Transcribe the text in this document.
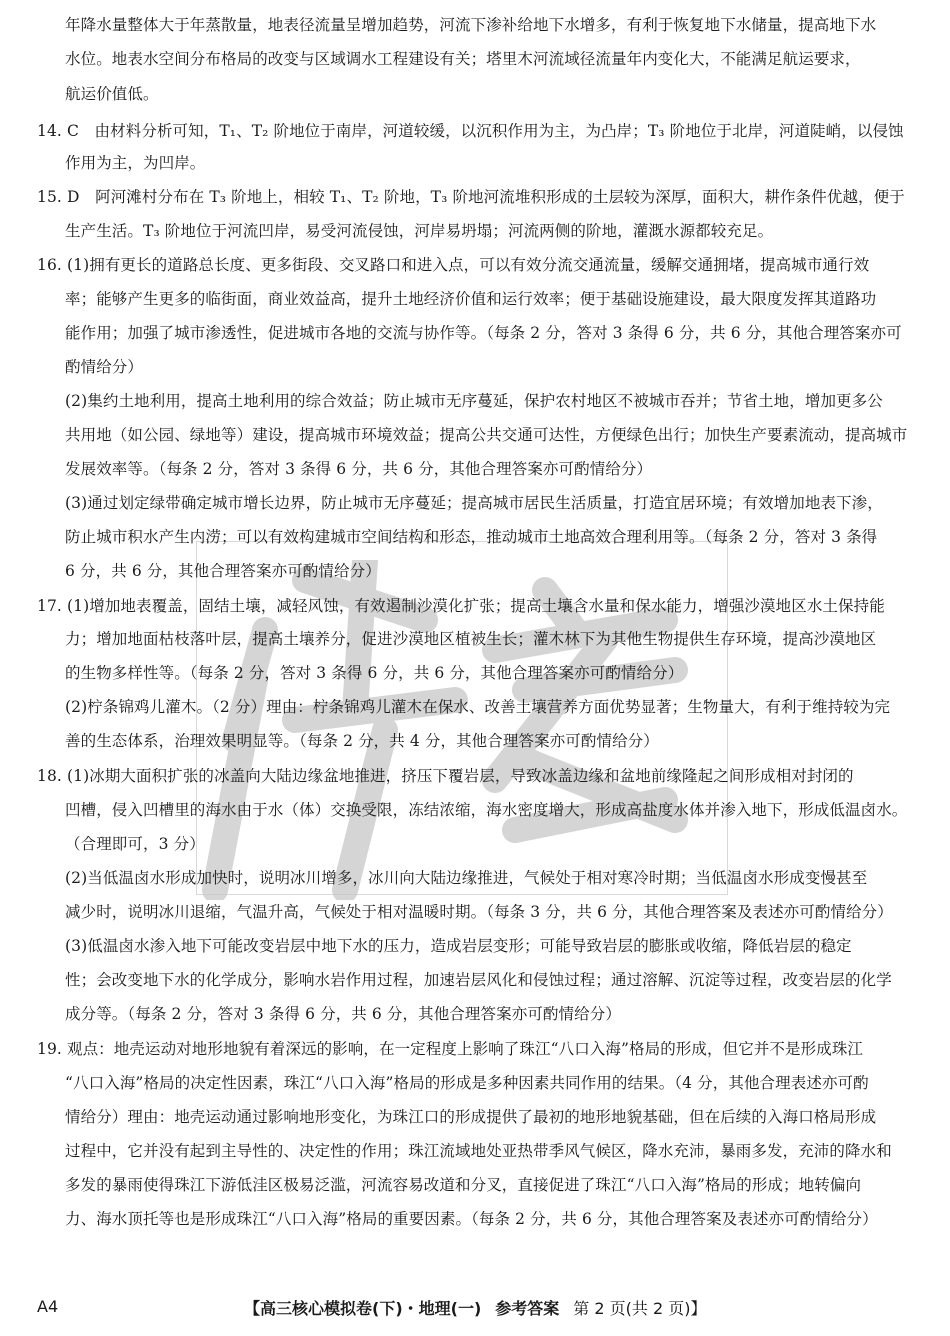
年降水量整体大于年蒸散量，地表径流量呈增加趋势，河流下渗补给地下水增多，有利于恢复地下水储量，提高地下水
水位。地表水空间分布格局的改变与区域调水工程建设有关；塔里木河流域径流量年内变化大，不能满足航运要求，
航运价值低。
14. C　由材料分析可知，T₁、T₂ 阶地位于南岸，河道较缓，以沉积作用为主，为凸岸；T₃ 阶地位于北岸，河道陡峭，以侵蚀
作用为主，为凹岸。
15. D　阿河滩村分布在 T₃ 阶地上，相较 T₁、T₂ 阶地，T₃ 阶地河流堆积形成的土层较为深厚，面积大，耕作条件优越，便于
生产生活。T₃ 阶地位于河流凹岸，易受河流侵蚀，河岸易坍塌；河流两侧的阶地，灌溉水源都较充足。
16. (1)拥有更长的道路总长度、更多街段、交叉路口和进入点，可以有效分流交通流量，缓解交通拥堵，提高城市通行效
率；能够产生更多的临街面，商业效益高，提升土地经济价值和运行效率；便于基础设施建设，最大限度发挥其道路功
能作用；加强了城市渗透性，促进城市各地的交流与协作等。（每条 2 分，答对 3 条得 6 分，共 6 分，其他合理答案亦可
酌情给分）
(2)集约土地利用，提高土地利用的综合效益；防止城市无序蔓延，保护农村地区不被城市吞并；节省土地，增加更多公
共用地（如公园、绿地等）建设，提高城市环境效益；提高公共交通可达性，方便绿色出行；加快生产要素流动，提高城市
发展效率等。（每条 2 分，答对 3 条得 6 分，共 6 分，其他合理答案亦可酌情给分）
(3)通过划定绿带确定城市增长边界，防止城市无序蔓延；提高城市居民生活质量，打造宜居环境；有效增加地表下渗，
防止城市积水产生内涝；可以有效构建城市空间结构和形态，推动城市土地高效合理利用等。（每条 2 分，答对 3 条得
6 分，共 6 分，其他合理答案亦可酌情给分）
17. (1)增加地表覆盖，固结土壤，减轻风蚀，有效遏制沙漠化扩张；提高土壤含水量和保水能力，增强沙漠地区水土保持能
力；增加地面枯枝落叶层，提高土壤养分，促进沙漠地区植被生长；灌木林下为其他生物提供生存环境，提高沙漠地区
的生物多样性等。（每条 2 分，答对 3 条得 6 分，共 6 分，其他合理答案亦可酌情给分）
(2)柠条锦鸡儿灌木。（2 分）理由：柠条锦鸡儿灌木在保水、改善土壤营养方面优势显著；生物量大，有利于维持较为完
善的生态体系，治理效果明显等。（每条 2 分，共 4 分，其他合理答案亦可酌情给分）
18. (1)冰期大面积扩张的冰盖向大陆边缘盆地推进，挤压下覆岩层，导致冰盖边缘和盆地前缘隆起之间形成相对封闭的
凹槽，侵入凹槽里的海水由于水（体）交换受限，冻结浓缩，海水密度增大，形成高盐度水体并渗入地下，形成低温卤水。
（合理即可，3 分）
(2)当低温卤水形成加快时，说明冰川增多，冰川向大陆边缘推进，气候处于相对寒冷时期；当低温卤水形成变慢甚至
减少时，说明冰川退缩，气温升高，气候处于相对温暖时期。（每条 3 分，共 6 分，其他合理答案及表述亦可酌情给分）
(3)低温卤水渗入地下可能改变岩层中地下水的压力，造成岩层变形；可能导致岩层的膨胀或收缩，降低岩层的稳定
性；会改变地下水的化学成分，影响水岩作用过程，加速岩层风化和侵蚀过程；通过溶解、沉淀等过程，改变岩层的化学
成分等。（每条 2 分，答对 3 条得 6 分，共 6 分，其他合理答案亦可酌情给分）
19. 观点：地壳运动对地形地貌有着深远的影响，在一定程度上影响了珠江“八口入海”格局的形成，但它并不是形成珠江
“八口入海”格局的决定性因素，珠江“八口入海”格局的形成是多种因素共同作用的结果。（4 分，其他合理表述亦可酌
情给分）理由：地壳运动通过影响地形变化，为珠江口的形成提供了最初的地形地貌基础，但在后续的入海口格局形成
过程中，它并没有起到主导性的、决定性的作用；珠江流域地处亚热带季风气候区，降水充沛，暴雨多发，充沛的降水和
多发的暴雨使得珠江下游低洼区极易泛滥，河流容易改道和分叉，直接促进了珠江“八口入海”格局的形成；地转偏向
力、海水顶托等也是形成珠江“八口入海”格局的重要因素。（每条 2 分，共 6 分，其他合理答案及表述亦可酌情给分）
A4	【高三核心模拟卷(下)・地理(一) 参考答案 第 2 页(共 2 页)】
